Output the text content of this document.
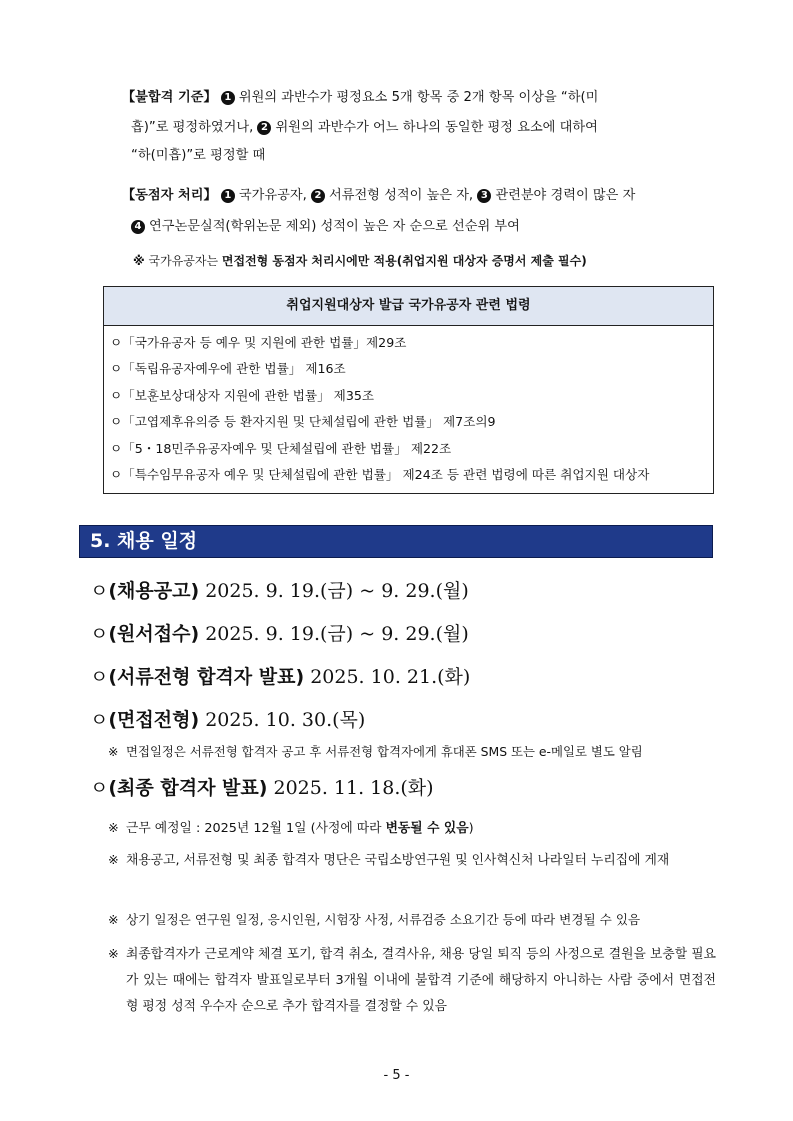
【불합격 기준】 1 위원의 과반수가 평정요소 5개 항목 중 2개 항목 이상을 “하(미
흡)”로 평정하였거나, 2 위원의 과반수가 어느 하나의 동일한 평정 요소에 대하여
“하(미흡)”로 평정할 때
【동점자 처리】 1 국가유공자, 2 서류전형 성적이 높은 자, 3 관련분야 경력이 많은 자
4 연구논문실적(학위논문 제외) 성적이 높은 자 순으로 선순위 부여
※ 국가유공자는 면접전형 동점자 처리시에만 적용(취업지원 대상자 증명서 제출 필수)
취업지원대상자 발급 국가유공자 관련 법령
ㅇ「국가유공자 등 예우 및 지원에 관한 법률」제29조
ㅇ「독립유공자예우에 관한 법률」 제16조
ㅇ「보훈보상대상자 지원에 관한 법률」 제35조
ㅇ「고엽제후유의증 등 환자지원 및 단체설립에 관한 법률」 제7조의9
ㅇ「5・18민주유공자예우 및 단체설립에 관한 법률」 제22조
ㅇ「특수임무유공자 예우 및 단체설립에 관한 법률」 제24조 등 관련 법령에 따른 취업지원 대상자
5. 채용 일정
ㅇ(채용공고) 2025. 9. 19.(금) ~ 9. 29.(월)
ㅇ(원서접수) 2025. 9. 19.(금) ~ 9. 29.(월)
ㅇ(서류전형 합격자 발표) 2025. 10. 21.(화)
ㅇ(면접전형) 2025. 10. 30.(목)
※ 면접일정은 서류전형 합격자 공고 후 서류전형 합격자에게 휴대폰 SMS 또는 e-메일로 별도 알림
ㅇ(최종 합격자 발표) 2025. 11. 18.(화)
※ 근무 예정일 : 2025년 12월 1일 (사정에 따라 변동될 수 있음)
※ 채용공고, 서류전형 및 최종 합격자 명단은 국립소방연구원 및 인사혁신처 나라일터 누리집에 게재
※ 상기 일정은 연구원 일정, 응시인원, 시험장 사정, 서류검증 소요기간 등에 따라 변경될 수 있음
※ 최종합격자가 근로계약 체결 포기, 합격 취소, 결격사유, 채용 당일 퇴직 등의 사정으로 결원을 보충할 필요가 있는 때에는 합격자 발표일로부터 3개월 이내에 불합격 기준에 해당하지 아니하는 사람 중에서 면접전형 평정 성적 우수자 순으로 추가 합격자를 결정할 수 있음
- 5 -
